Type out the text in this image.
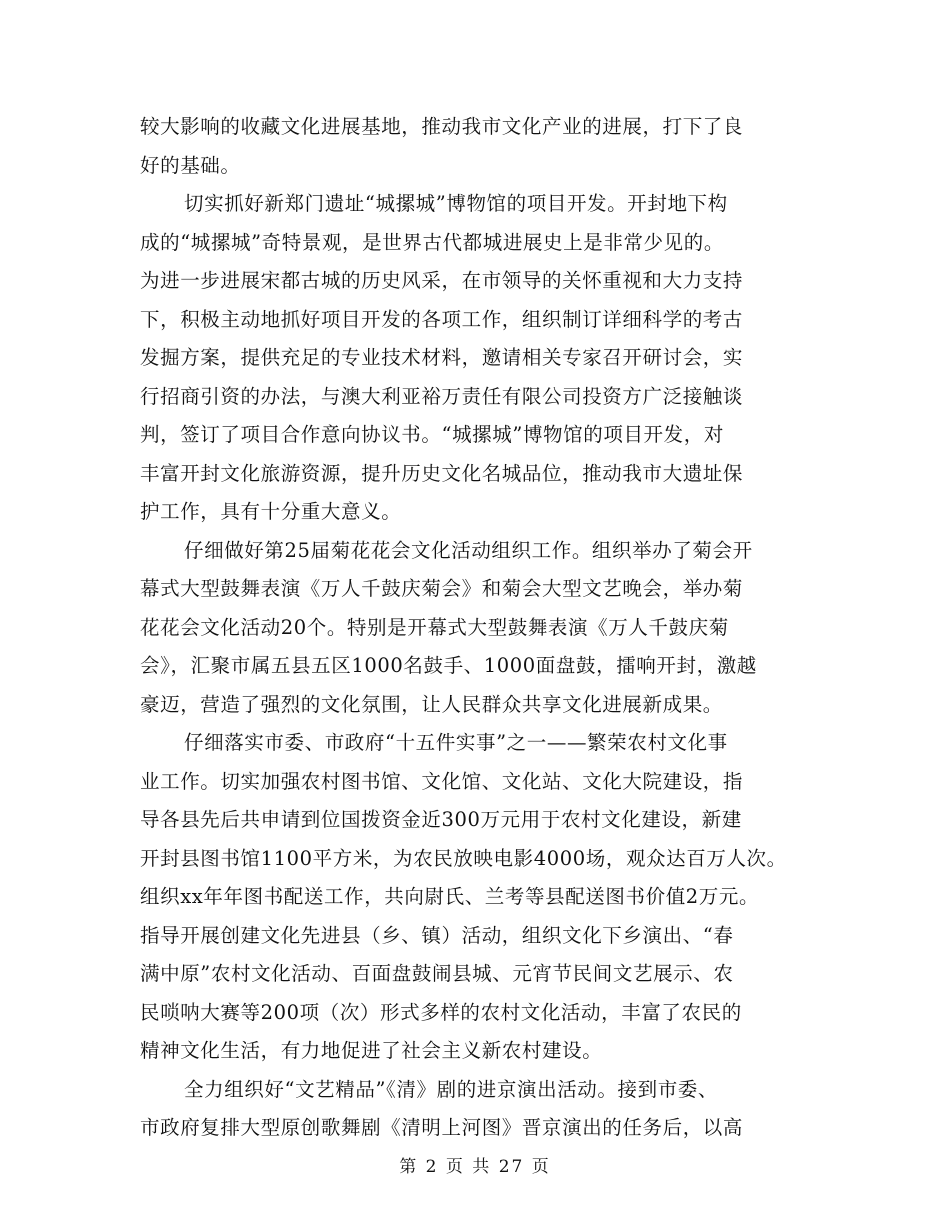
较大影响的收藏文化进展基地，推动我市文化产业的进展，打下了良
好的基础。
切实抓好新郑门遗址“城摞城”博物馆的项目开发。开封地下构
成的“城摞城”奇特景观，是世界古代都城进展史上是非常少见的。
为进一步进展宋都古城的历史风采，在市领导的关怀重视和大力支持
下，积极主动地抓好项目开发的各项工作，组织制订详细科学的考古
发掘方案，提供充足的专业技术材料，邀请相关专家召开研讨会，实
行招商引资的办法，与澳大利亚裕万责任有限公司投资方广泛接触谈
判，签订了项目合作意向协议书。“城摞城”博物馆的项目开发，对
丰富开封文化旅游资源，提升历史文化名城品位，推动我市大遗址保
护工作，具有十分重大意义。
仔细做好第25届菊花花会文化活动组织工作。组织举办了菊会开
幕式大型鼓舞表演《万人千鼓庆菊会》和菊会大型文艺晚会，举办菊
花花会文化活动20个。特别是开幕式大型鼓舞表演《万人千鼓庆菊
会》，汇聚市属五县五区1000名鼓手、1000面盘鼓，擂响开封，激越
豪迈，营造了强烈的文化氛围，让人民群众共享文化进展新成果。
仔细落实市委、市政府“十五件实事”之一——繁荣农村文化事
业工作。切实加强农村图书馆、文化馆、文化站、文化大院建设，指
导各县先后共申请到位国拨资金近300万元用于农村文化建设，新建
开封县图书馆1100平方米，为农民放映电影4000场，观众达百万人次。
组织xx年年图书配送工作，共向尉氏、兰考等县配送图书价值2万元。
指导开展创建文化先进县（乡、镇）活动，组织文化下乡演出、“春
满中原”农村文化活动、百面盘鼓闹县城、元宵节民间文艺展示、农
民唢呐大赛等200项（次）形式多样的农村文化活动，丰富了农民的
精神文化生活，有力地促进了社会主义新农村建设。
全力组织好“文艺精品”《清》剧的进京演出活动。接到市委、
市政府复排大型原创歌舞剧《清明上河图》晋京演出的任务后，以高
第 2 页 共 27 页
